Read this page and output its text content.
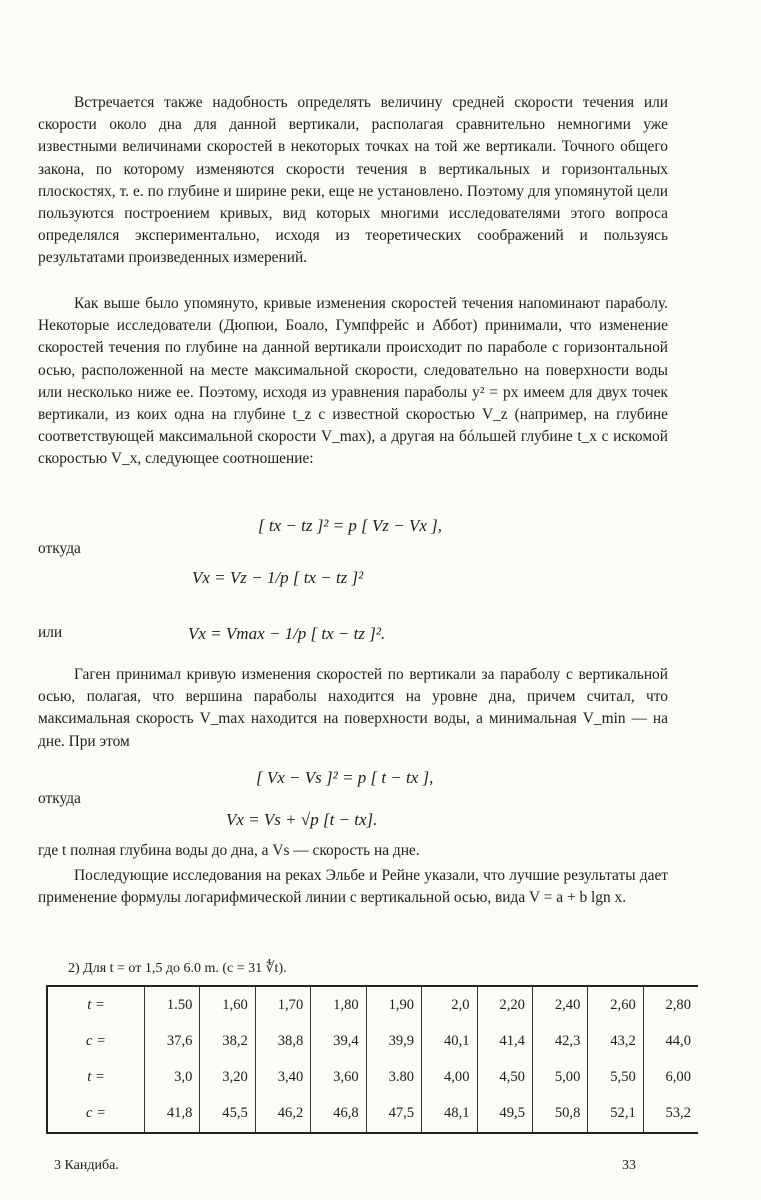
Встречается также надобность определять величину средней скорости течения или скорости около дна для данной вертикали, располагая сравнительно немногими уже известными величинами скоростей в некоторых точках на той же вертикали. Точного общего закона, по которому изменяются скорости течения в вертикальных и горизонтальных плоскостях, т. е. по глубине и ширине реки, еще не установлено. Поэтому для упомянутой цели пользуются построением кривых, вид которых многими исследователями этого вопроса определялся экспериментально, исходя из теоретических соображений и пользуясь результатами произведенных измерений.

Как выше было упомянуто, кривые изменения скоростей течения напоминают параболу. Некоторые исследователи (Дюпюи, Боало, Гумпфрейс и Аббот) принимали, что изменение скоростей течения по глубине на данной вертикали происходит по параболе с горизонтальной осью, расположенной на месте максимальной скорости, следовательно на поверхности воды или несколько ниже ее. Поэтому, исходя из уравнения параболы y² = px имеем для двух точек вертикали, из коих одна на глубине t_z с известной скоростью V_z (например, на глубине соответствующей максимальной скорости V_max), а другая на бóльшей глубине t_x с искомой скоростью V_x, следующее соотношение:

[ tx − tz ]² = p [ Vz − Vx ],

откуда

Vx = Vz − 1/p [ tx − tz ]²

или	Vx = Vmax − 1/p [ tx − tz ]².

Гаген принимал кривую изменения скоростей по вертикали за параболу с вертикальной осью, полагая, что вершина параболы находится на уровне дна, причем считал, что максимальная скорость V_max находится на поверхности воды, а минимальная V_min — на дне. При этом

[ Vx − Vs ]² = p [ t − tx ],

откуда

Vx = Vs + √p [t − tx].

где t полная глубина воды до дна, а Vs — скорость на дне.

Последующие исследования на реках Эльбе и Рейне указали, что лучшие результаты дает применение формулы логарифмической линии с вертикальной осью, вида V = a + b lgn x.

2) Для t = от 1,5 до 6.0 m. (c = 31 ∜t).

t =	1.50	1,60	1,70	1,80	1,90	2,0	2,20	2,40	2,60	2,80
c =	37,6	38,2	38,8	39,4	39,9	40,1	41,4	42,3	43,2	44,0
t =	3,0	3,20	3,40	3,60	3.80	4,00	4,50	5,00	5,50	6,00
c =	41,8	45,5	46,2	46,8	47,5	48,1	49,5	50,8	52,1	53,2

3 Кандиба.	33
